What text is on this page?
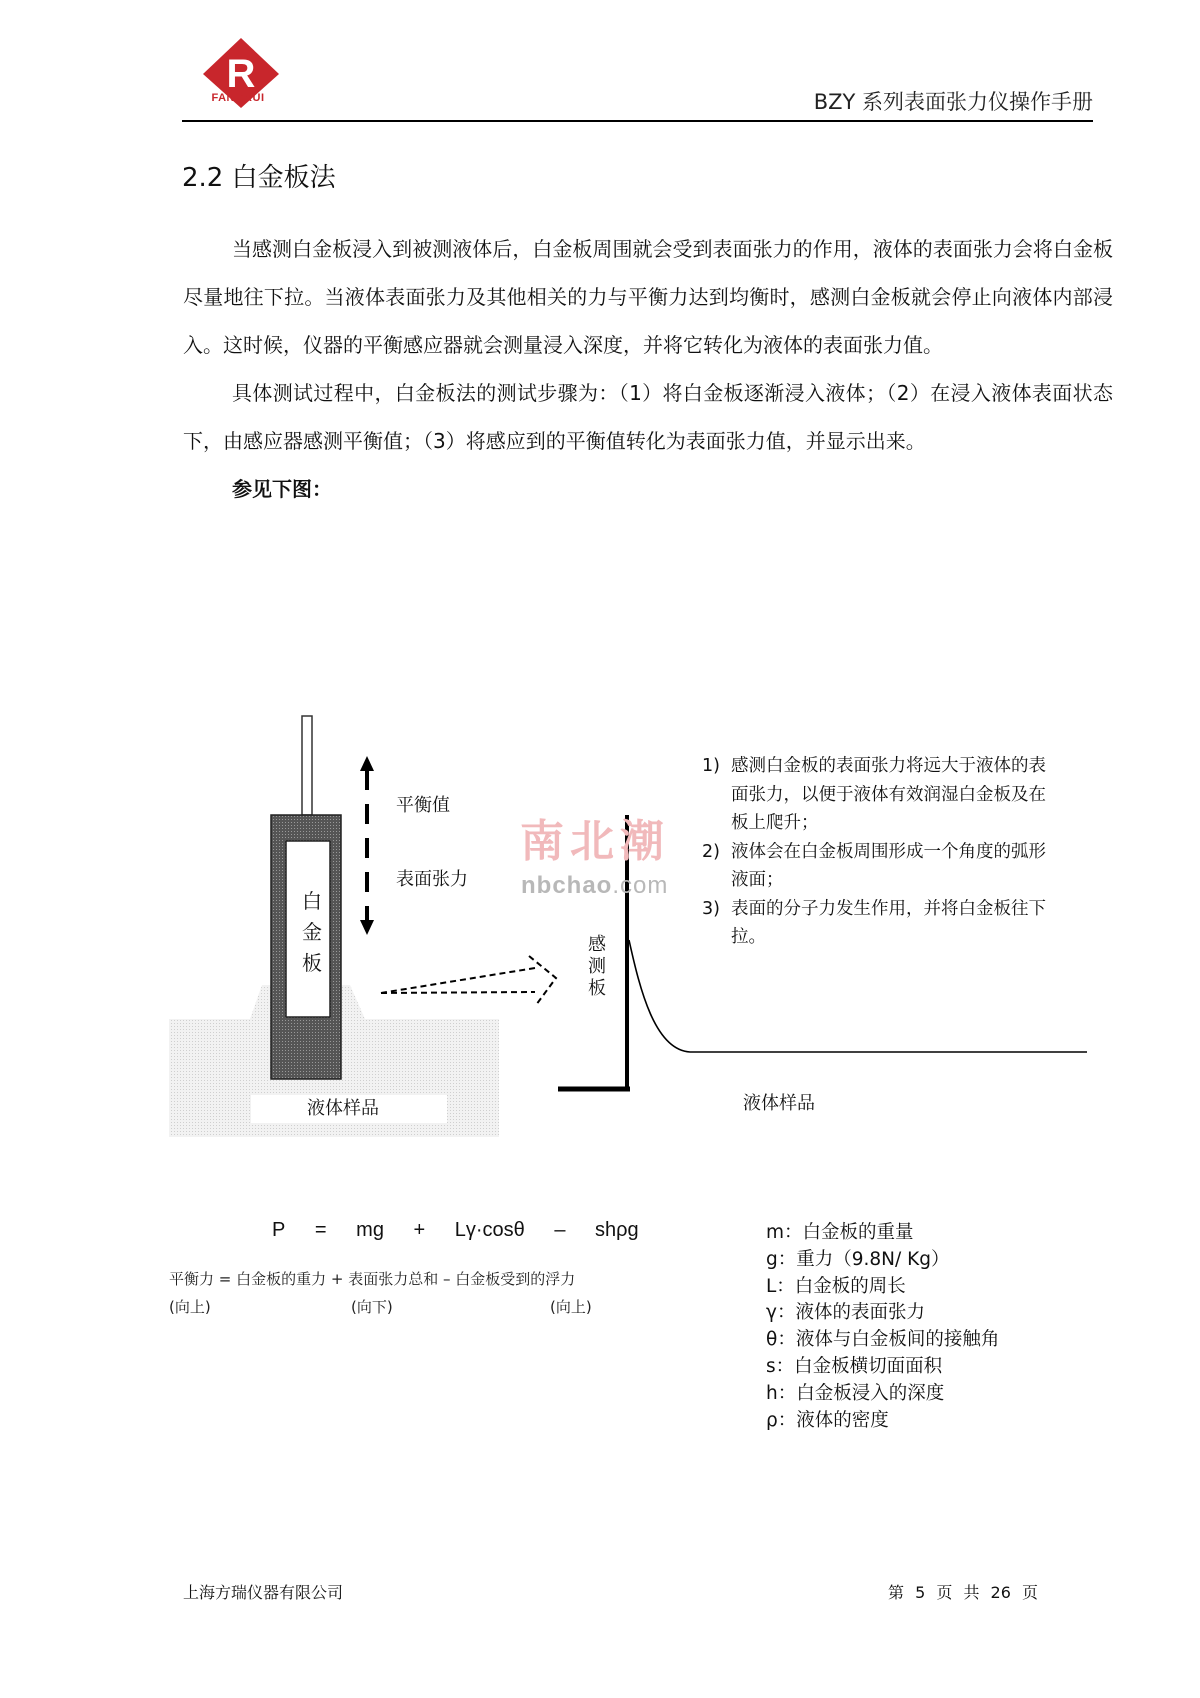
R
FANGRUI	BZY 系列表面张力仪操作手册
2.2 白金板法

当感测白金板浸入到被测液体后，白金板周围就会受到表面张力的作用，液体的表面张力会将白金板尽量地往下拉。当液体表面张力及其他相关的力与平衡力达到均衡时，感测白金板就会停止向液体内部浸入。这时候，仪器的平衡感应器就会测量浸入深度，并将它转化为液体的表面张力值。

具体测试过程中，白金板法的测试步骤为：（1）将白金板逐渐浸入液体；（2）在浸入液体表面状态下，由感应器感测平衡值；（3）将感应到的平衡值转化为表面张力值，并显示出来。

参见下图：

白
金
板
平衡值
表面张力
液体样品
感
测
板
液体样品
南北潮
nbchao.com
1) 感测白金板的表面张力将远大于液体的表面张力，以便于液体有效润湿白金板及在板上爬升；
2) 液体会在白金板周围形成一个角度的弧形液面；
3) 表面的分子力发生作用，并将白金板往下拉。
P = mg + Lγ·cosθ – shρg
平衡力 = 白金板的重力 + 表面张力总和 – 白金板受到的浮力
(向上)	(向下)	(向上)
m：白金板的重量
g：重力（9.8N/ Kg）
L：白金板的周长
γ：液体的表面张力
θ：液体与白金板间的接触角
s：白金板横切面面积
h：白金板浸入的深度
ρ：液体的密度
上海方瑞仪器有限公司	第 5 页 共 26 页
